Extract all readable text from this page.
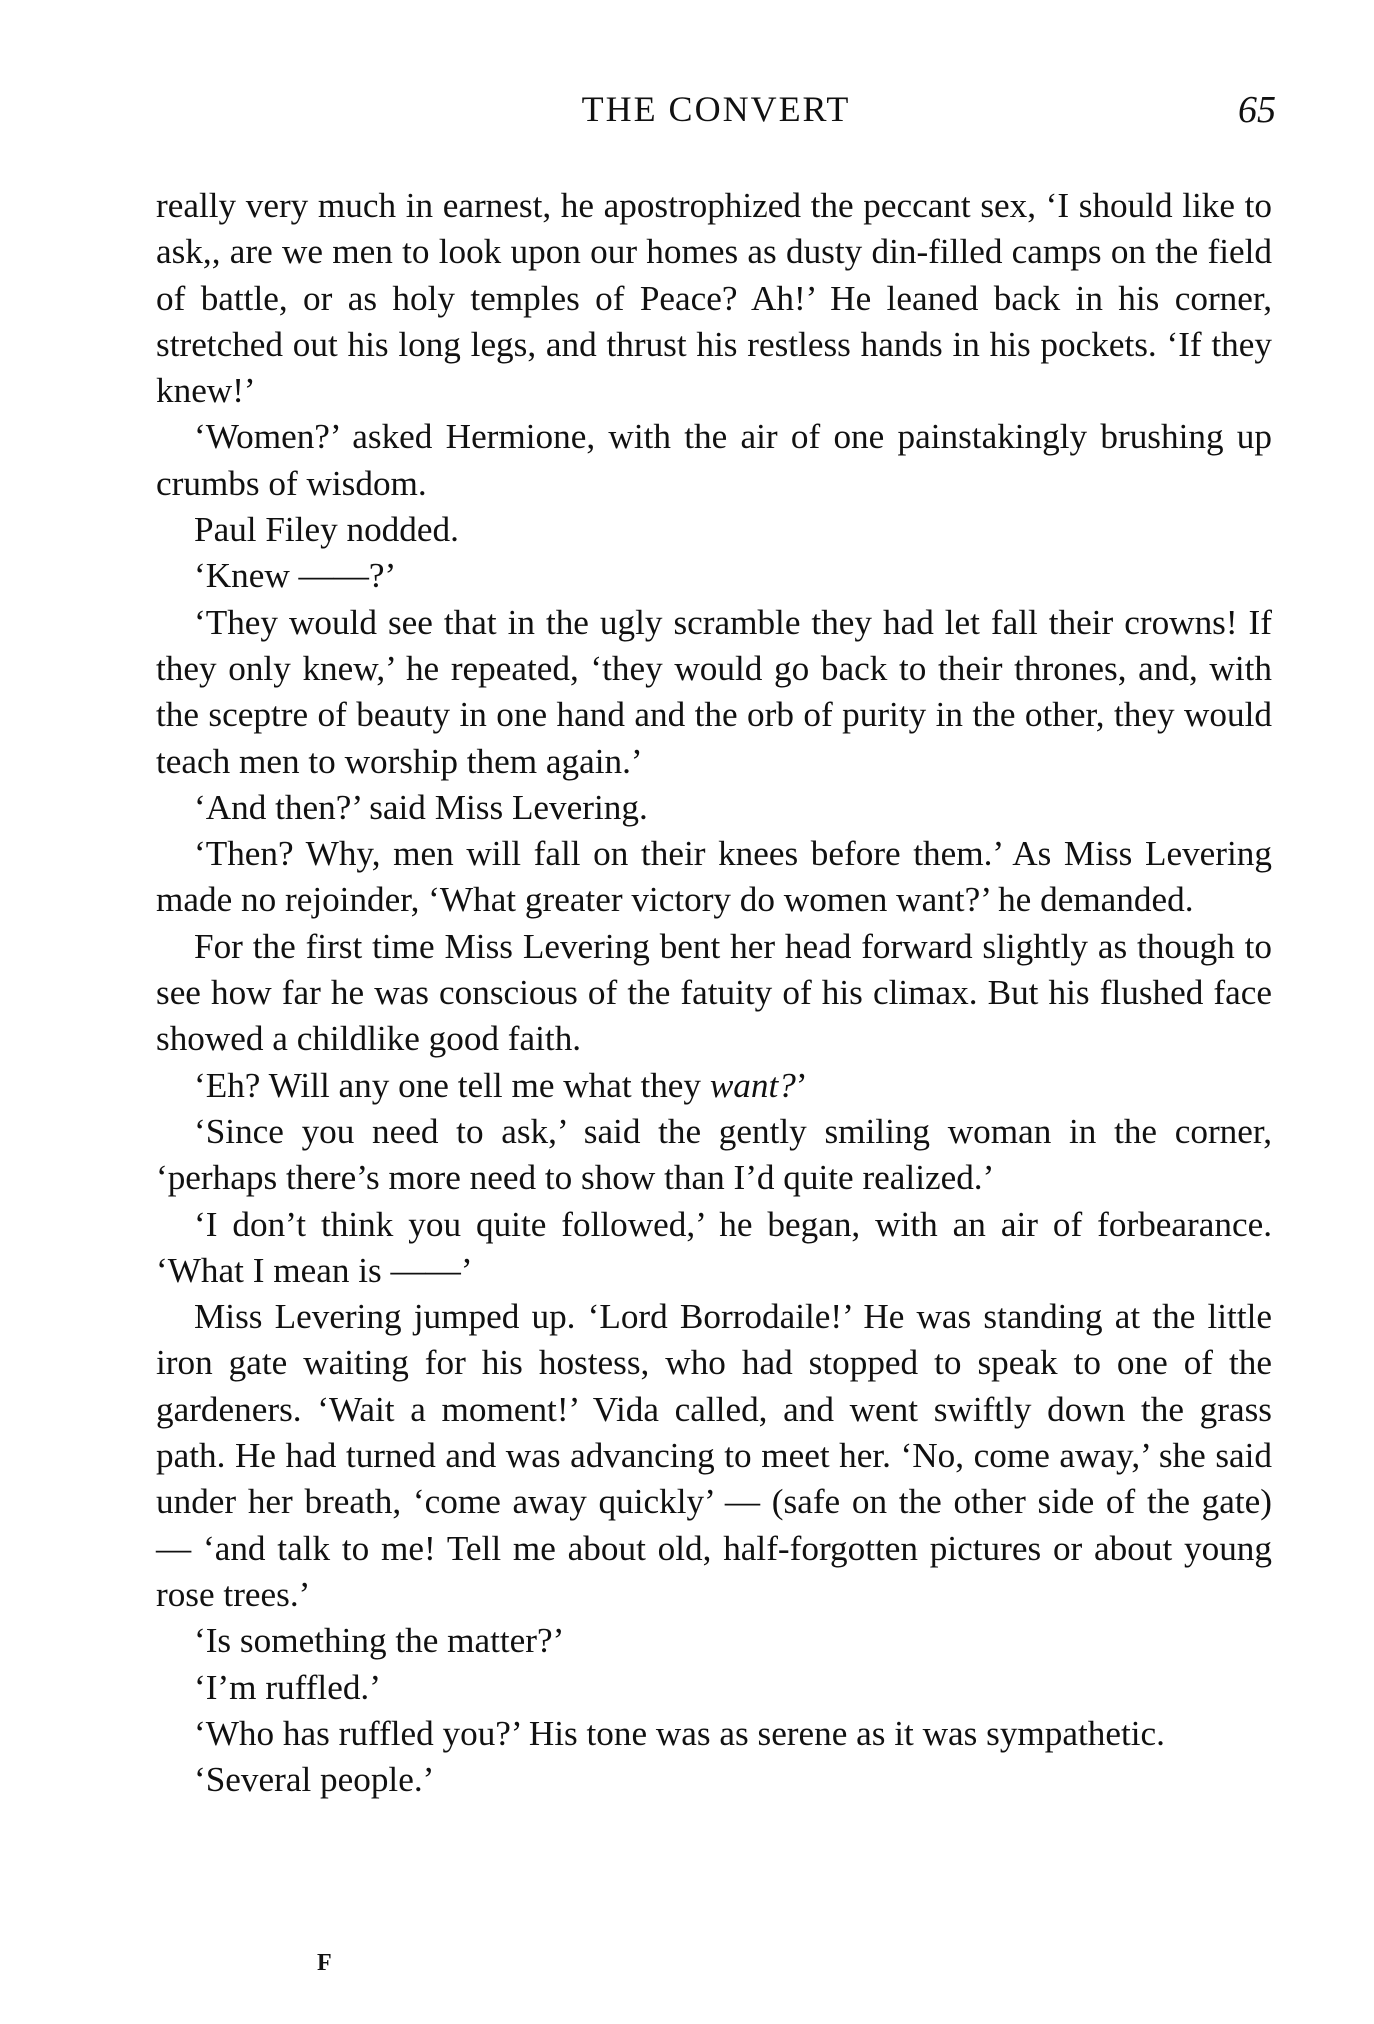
THE CONVERT	65

really very much in earnest, he apostrophized the peccant sex, ‘I should like to ask,, are we men to look upon our homes as dusty din-filled camps on the field of battle, or as holy temples of Peace? Ah!’ He leaned back in his corner, stretched out his long legs, and thrust his restless hands in his pockets. ‘If they knew!’

‘Women?’ asked Hermione, with the air of one painstakingly brushing up crumbs of wisdom.

Paul Filey nodded.

‘Knew ——?’

‘They would see that in the ugly scramble they had let fall their crowns! If they only knew,’ he repeated, ‘they would go back to their thrones, and, with the sceptre of beauty in one hand and the orb of purity in the other, they would teach men to worship them again.’

‘And then?’ said Miss Levering.

‘Then? Why, men will fall on their knees before them.’ As Miss Levering made no rejoinder, ‘What greater victory do women want?’ he demanded.

For the first time Miss Levering bent her head forward slightly as though to see how far he was conscious of the fatuity of his climax. But his flushed face showed a childlike good faith.

‘Eh? Will any one tell me what they want?’

‘Since you need to ask,’ said the gently smiling woman in the corner, ‘perhaps there’s more need to show than I’d quite realized.’

‘I don’t think you quite followed,’ he began, with an air of forbearance. ‘What I mean is ——’

Miss Levering jumped up. ‘Lord Borrodaile!’ He was standing at the little iron gate waiting for his hostess, who had stopped to speak to one of the gardeners. ‘Wait a moment!’ Vida called, and went swiftly down the grass path. He had turned and was advancing to meet her. ‘No, come away,’ she said under her breath, ‘come away quickly’ — (safe on the other side of the gate) — ‘and talk to me! Tell me about old, half-forgotten pictures or about young rose trees.’

‘Is something the matter?’

‘I’m ruffled.’

‘Who has ruffled you?’ His tone was as serene as it was sympathetic.

‘Several people.’

F
